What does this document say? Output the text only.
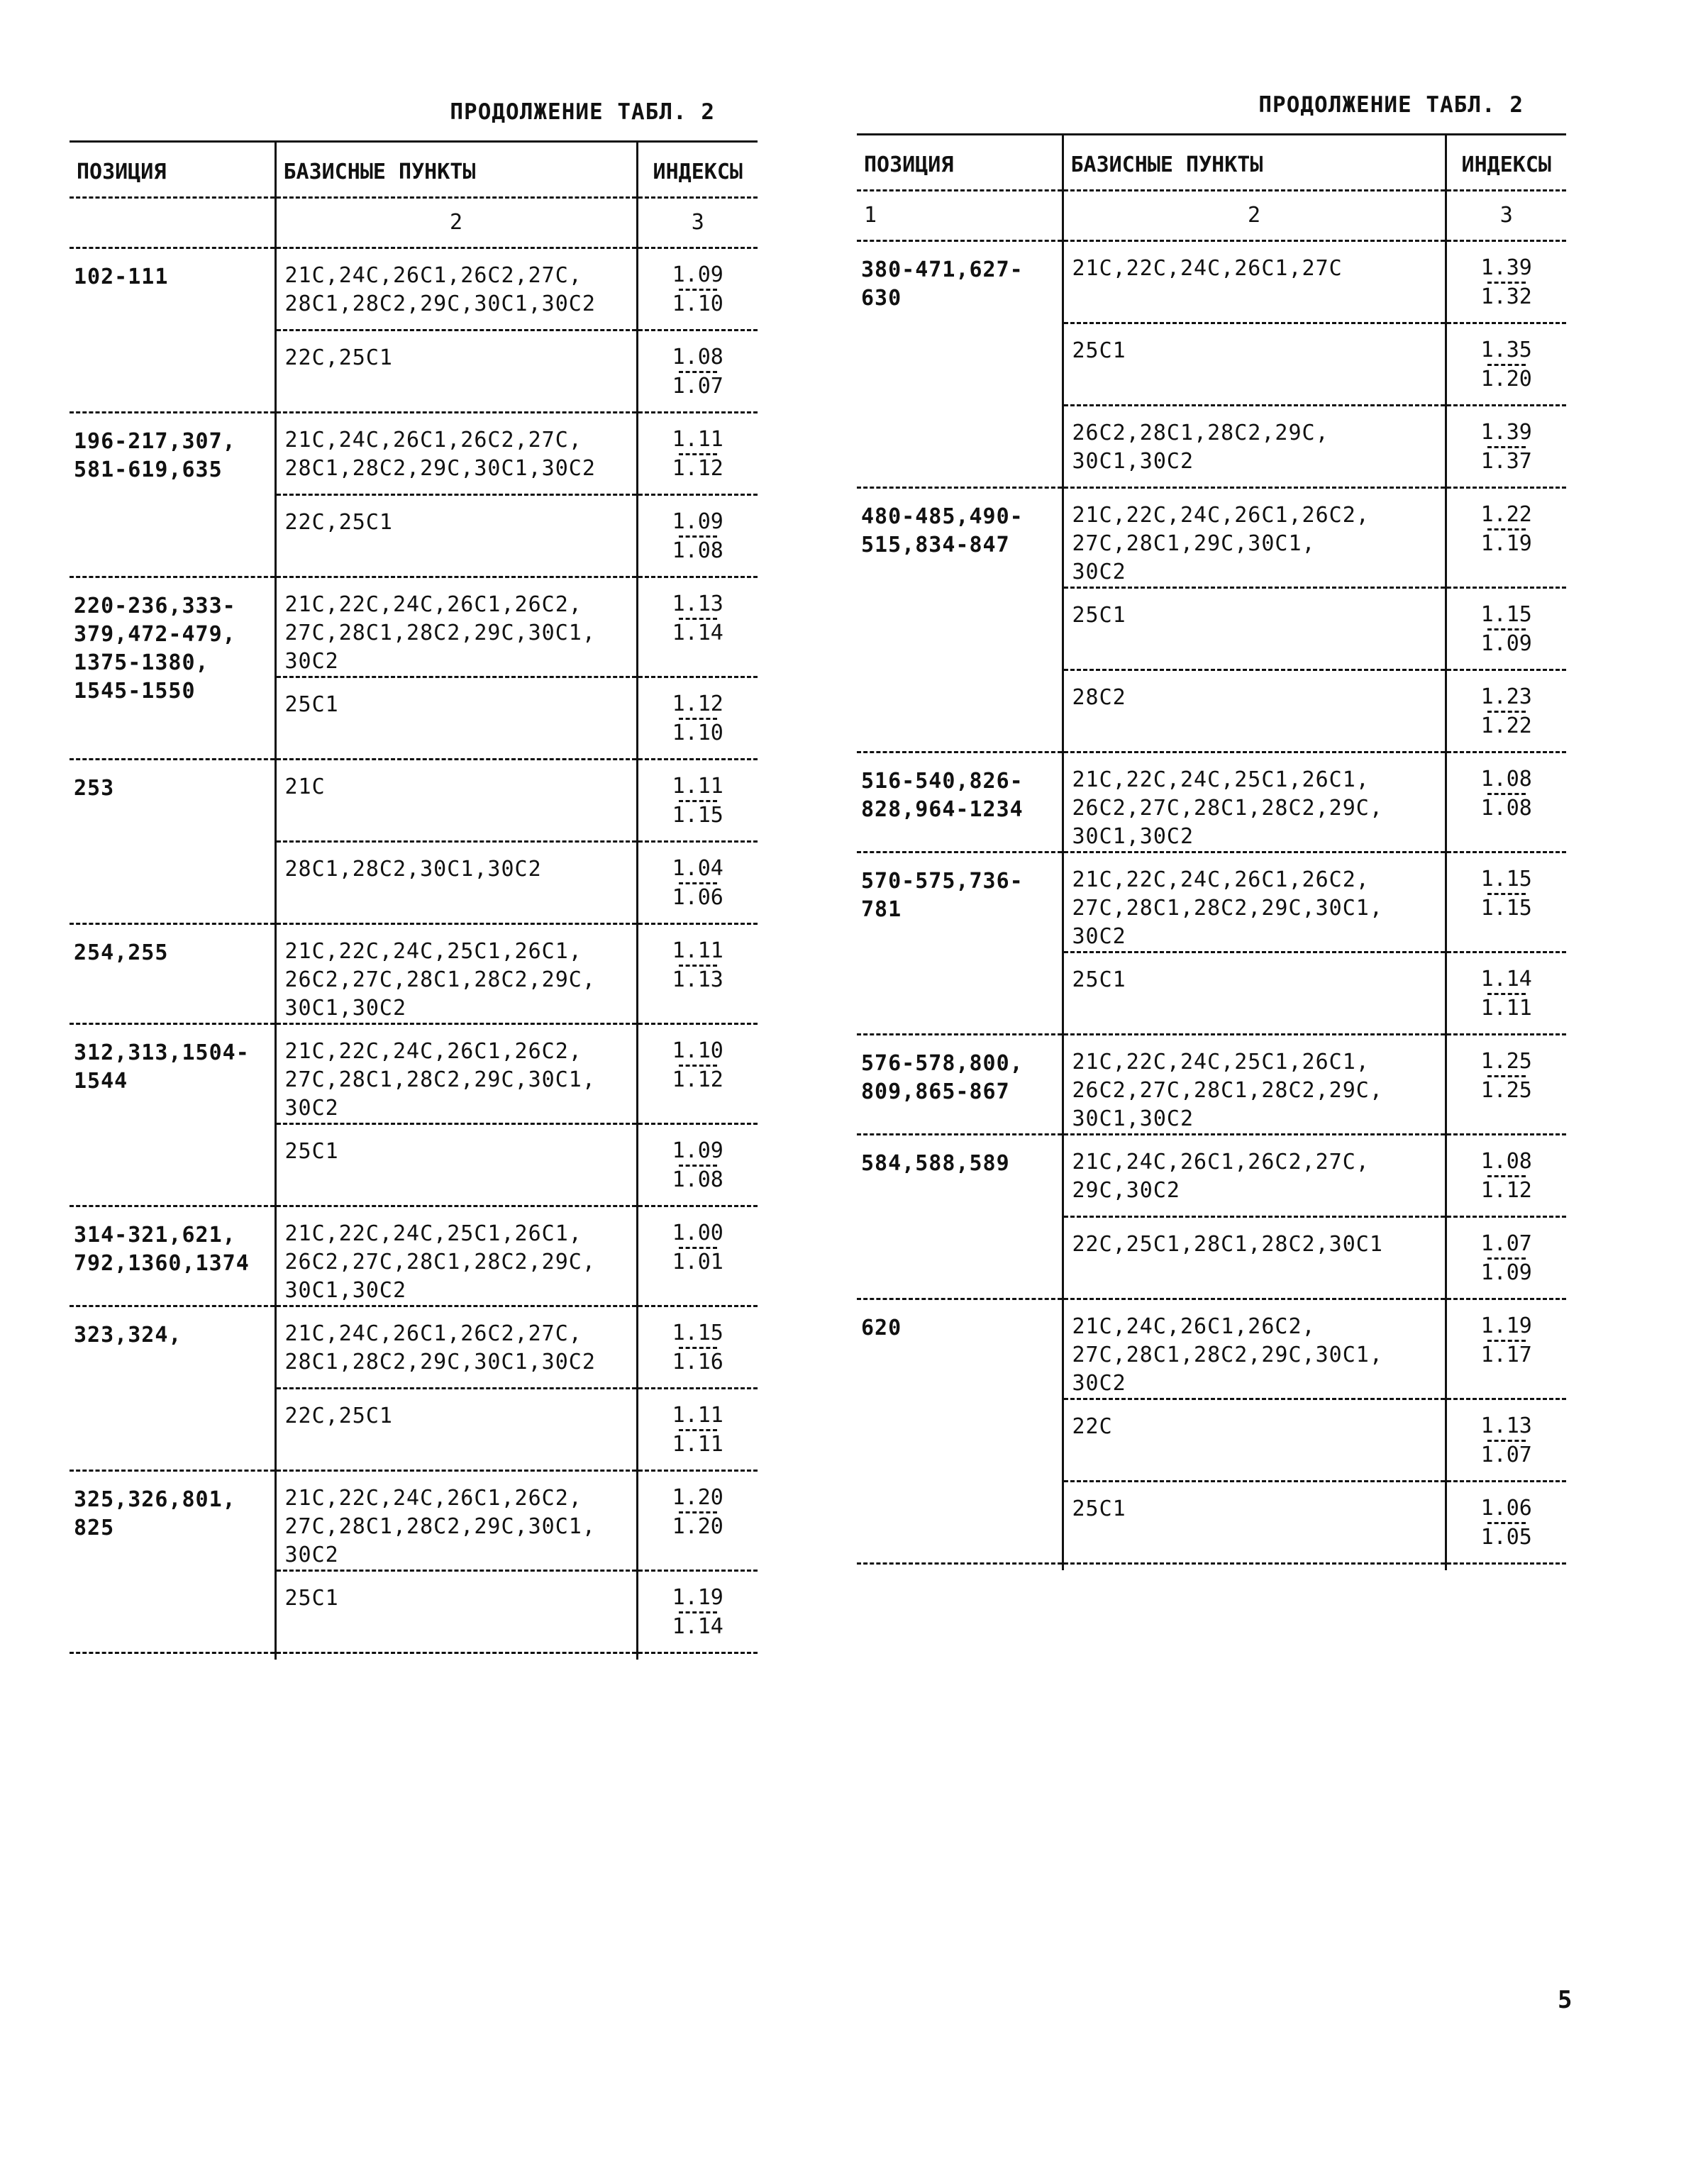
ПРОДОЛЖЕНИЕ ТАБЛ. 2
ПОЗИЦИЯ	БАЗИСНЫЕ ПУНКТЫ	ИНДЕКСЫ
	2	3
102-111	21С,24С,26С1,26С2,27С,
28С1,28С2,29С,30С1,30С2	1.09
1.10

	22С,25С1	1.08
1.07

196-217,307,
581-619,635	21С,24С,26С1,26С2,27С,
28С1,28С2,29С,30С1,30С2	1.11
1.12

	22С,25С1	1.09
1.08

220-236,333-
379,472-479,
1375-1380,
1545-1550	21С,22С,24С,26С1,26С2,
27С,28С1,28С2,29С,30С1,
30С2	1.13
1.14

	25С1	1.12
1.10

253	21С	1.11
1.15

	28С1,28С2,30С1,30С2	1.04
1.06

254,255	21С,22С,24С,25С1,26С1,
26С2,27С,28С1,28С2,29С,
30С1,30С2	1.11
1.13

312,313,1504-
1544	21С,22С,24С,26С1,26С2,
27С,28С1,28С2,29С,30С1,
30С2	1.10
1.12

	25С1	1.09
1.08

314-321,621,
792,1360,1374	21С,22С,24С,25С1,26С1,
26С2,27С,28С1,28С2,29С,
30С1,30С2	1.00
1.01

323,324,	21С,24С,26С1,26С2,27С,
28С1,28С2,29С,30С1,30С2	1.15
1.16

	22С,25С1	1.11
1.11

325,326,801,
825	21С,22С,24С,26С1,26С2,
27С,28С1,28С2,29С,30С1,
30С2	1.20
1.20

	25С1	1.19
1.14

ПРОДОЛЖЕНИЕ ТАБЛ. 2
ПОЗИЦИЯ	БАЗИСНЫЕ ПУНКТЫ	ИНДЕКСЫ
1	2	3
380-471,627-
630	21С,22С,24С,26С1,27С	1.39
1.32

	25С1	1.35
1.20

	26С2,28С1,28С2,29С,
30С1,30С2	1.39
1.37

480-485,490-
515,834-847	21С,22С,24С,26С1,26С2,
27С,28С1,29С,30С1,
30С2	1.22
1.19

	25С1	1.15
1.09

	28С2	1.23
1.22

516-540,826-
828,964-1234	21С,22С,24С,25С1,26С1,
26С2,27С,28С1,28С2,29С,
30С1,30С2	1.08
1.08

570-575,736-
781	21С,22С,24С,26С1,26С2,
27С,28С1,28С2,29С,30С1,
30С2	1.15
1.15

	25С1	1.14
1.11

576-578,800,
809,865-867	21С,22С,24С,25С1,26С1,
26С2,27С,28С1,28С2,29С,
30С1,30С2	1.25
1.25

584,588,589	21С,24С,26С1,26С2,27С,
29С,30С2	1.08
1.12

	22С,25С1,28С1,28С2,30С1	1.07
1.09

620	21С,24С,26С1,26С2,
27С,28С1,28С2,29С,30С1,
30С2	1.19
1.17

	22С	1.13
1.07

	25С1	1.06
1.05

5
